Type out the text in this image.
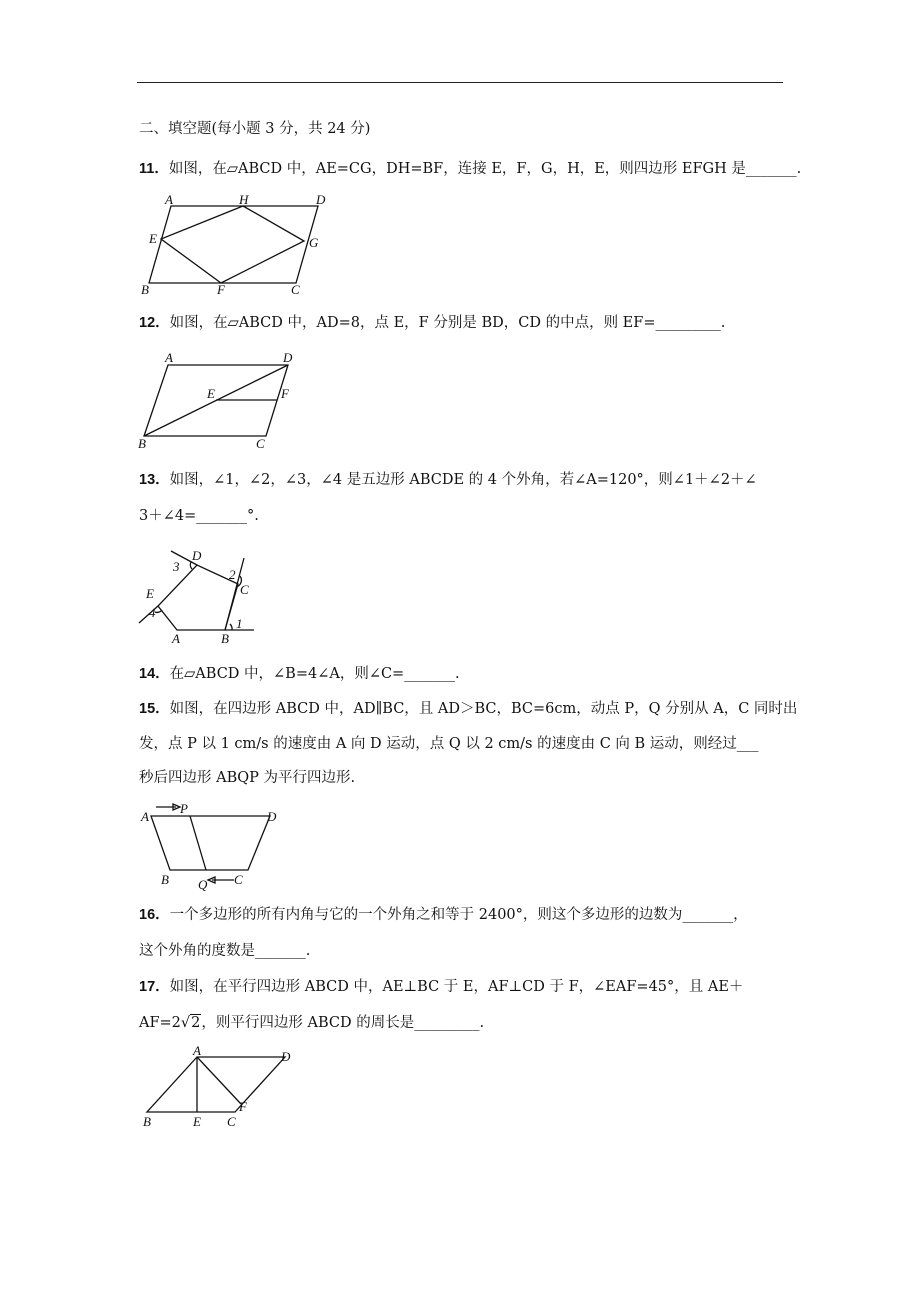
二、填空题(每小题 3 分，共 24 分)
11．如图，在▱ABCD 中，AE=CG，DH=BF，连接 E，F，G，H，E，则四边形 EFGH 是_______.
A	H	D
E	G
B	F	C
12．如图，在▱ABCD 中，AD=8，点 E，F 分别是 BD，CD 的中点，则 EF=_________.
A	D
E	F
B	C
13．如图，∠1，∠2，∠3，∠4 是五边形 ABCDE 的 4 个外角，若∠A=120°，则∠1＋∠2＋∠
3＋∠4=_______°.
D
3
2
C
E
4
1
A	B
14．在▱ABCD 中，∠B=4∠A，则∠C=_______.
15．如图，在四边形 ABCD 中，AD∥BC，且 AD＞BC，BC=6cm，动点 P，Q 分别从 A，C 同时出
发，点 P 以 1 cm/s 的速度由 A 向 D 运动，点 Q 以 2 cm/s 的速度由 C 向 B 运动，则经过___
秒后四边形 ABQP 为平行四边形.
A
P
D
B Q C
16．一个多边形的所有内角与它的一个外角之和等于 2400°，则这个多边形的边数为_______，
这个外角的度数是_______.
17．如图，在平行四边形 ABCD 中，AE⊥BC 于 E，AF⊥CD 于 F，∠EAF=45°，且 AE＋
AF=2√2，则平行四边形 ABCD 的周长是_________.
A	D
F
B	E C
